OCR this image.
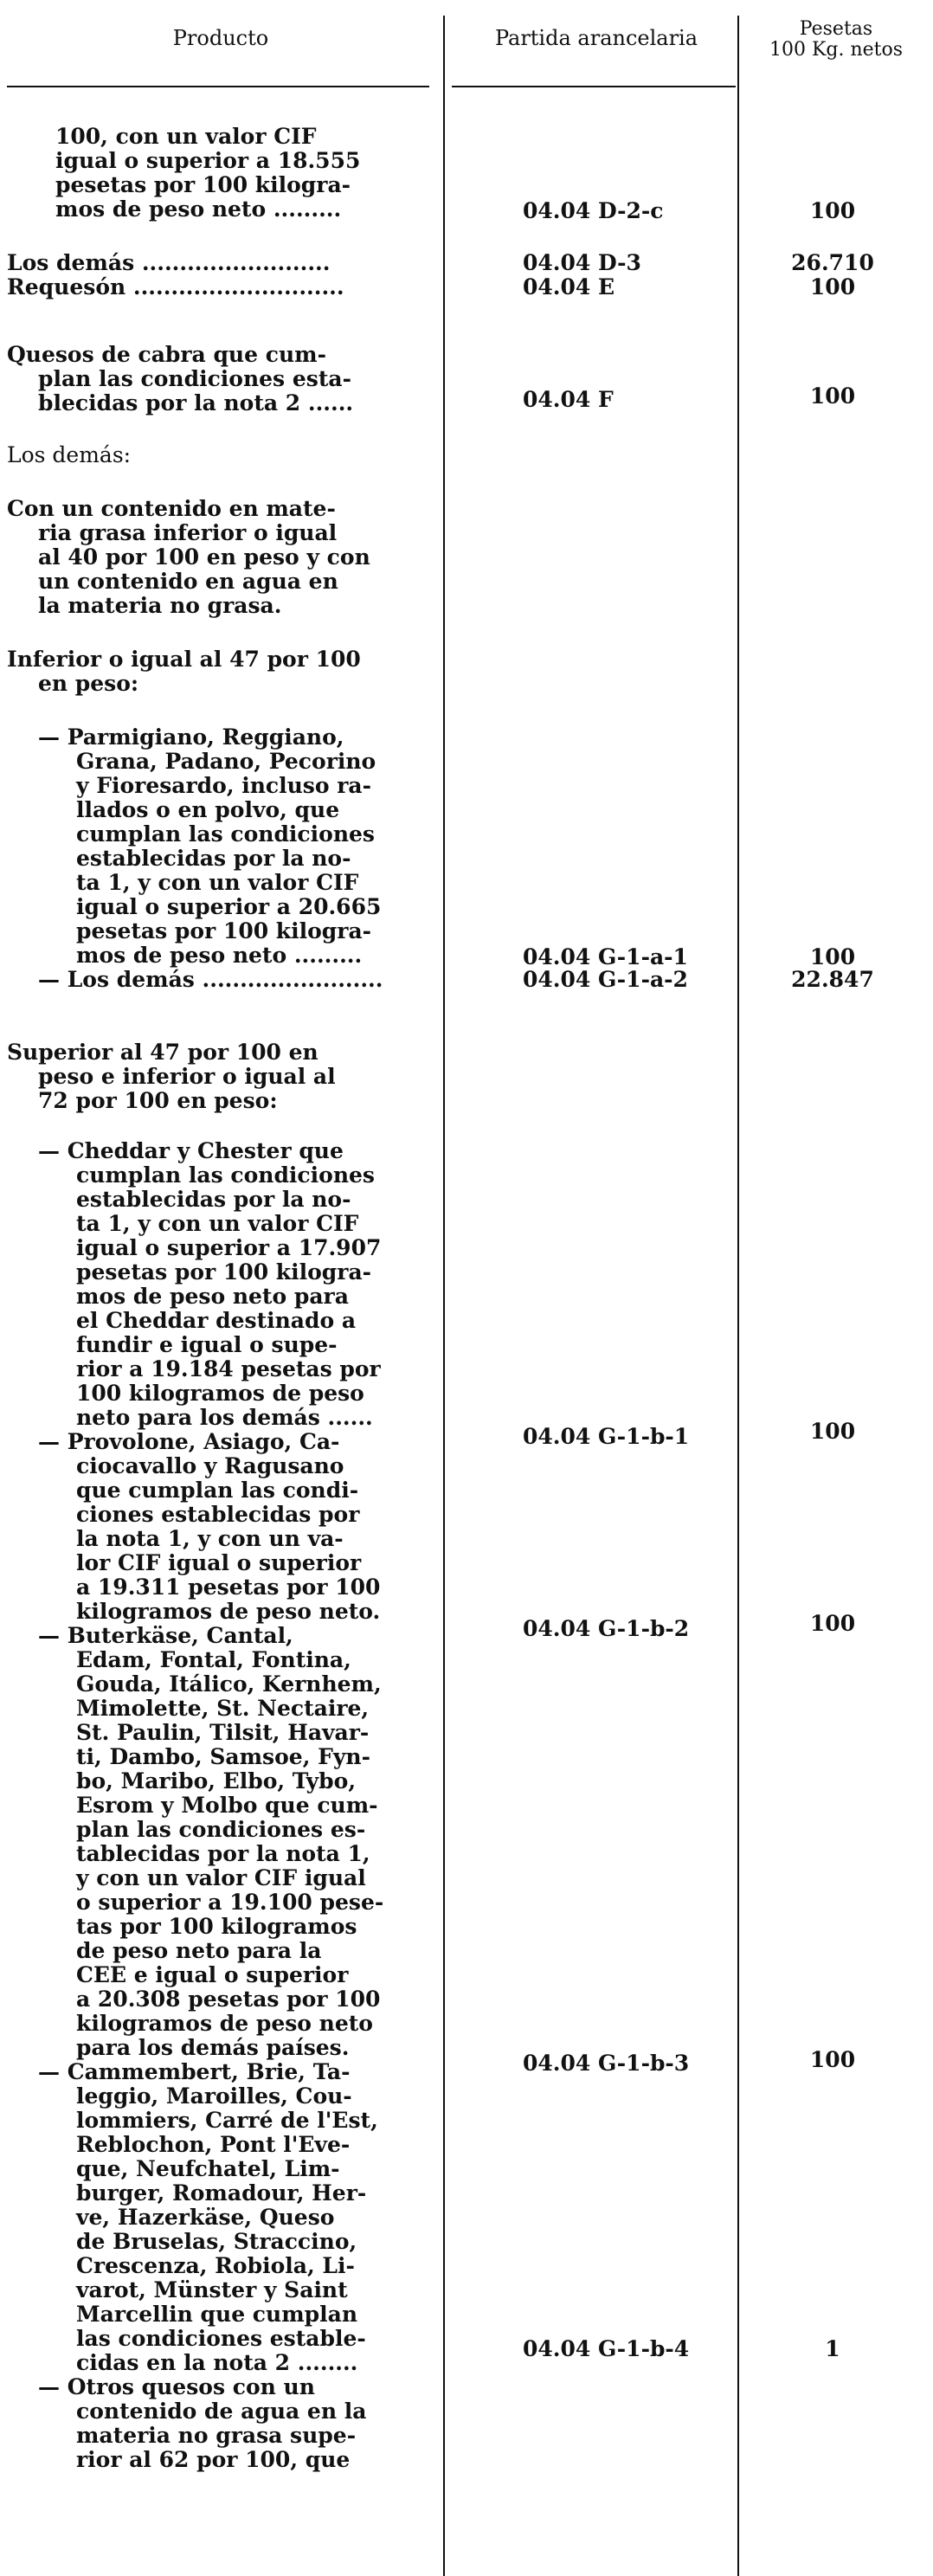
Producto	Partida arancelaria	Pesetas
100 Kg. netos
100, con un valor CIF
igual o superior a 18.555
pesetas por 100 kilogra-
mos de peso neto .........
Los demás .........................
Requesón ............................
Quesos de cabra que cum-
plan las condiciones esta-
blecidas por la nota 2 ......
Los demás:
Con un contenido en mate-
ria grasa inferior o igual
al 40 por 100 en peso y con
un contenido en agua en
la materia no grasa.
Inferior o igual al 47 por 100
en peso:
— Parmigiano, Reggiano,
Grana, Padano, Pecorino
y Fioresardo, incluso ra-
llados o en polvo, que
cumplan las condiciones
establecidas por la no-
ta 1, y con un valor CIF
igual o superior a 20.665
pesetas por 100 kilogra-
mos de peso neto .........
— Los demás ........................
Superior al 47 por 100 en
peso e inferior o igual al
72 por 100 en peso:
— Cheddar y Chester que
cumplan las condiciones
establecidas por la no-
ta 1, y con un valor CIF
igual o superior a 17.907
pesetas por 100 kilogra-
mos de peso neto para
el Cheddar destinado a
fundir e igual o supe-
rior a 19.184 pesetas por
100 kilogramos de peso
neto para los demás ......
— Provolone, Asiago, Ca-
ciocavallo y Ragusano
que cumplan las condi-
ciones establecidas por
la nota 1, y con un va-
lor CIF igual o superior
a 19.311 pesetas por 100
kilogramos de peso neto.
— Buterkäse, Cantal,
Edam, Fontal, Fontina,
Gouda, Itálico, Kernhem,
Mimolette, St. Nectaire,
St. Paulin, Tilsit, Havar-
ti, Dambo, Samsoe, Fyn-
bo, Maribo, Elbo, Tybo,
Esrom y Molbo que cum-
plan las condiciones es-
tablecidas por la nota 1,
y con un valor CIF igual
o superior a 19.100 pese-
tas por 100 kilogramos
de peso neto para la
CEE e igual o superior
a 20.308 pesetas por 100
kilogramos de peso neto
para los demás países.
— Cammembert, Brie, Ta-
leggio, Maroilles, Cou-
lommiers, Carré de l'Est,
Reblochon, Pont l'Eve-
que, Neufchatel, Lim-
burger, Romadour, Her-
ve, Hazerkäse, Queso
de Bruselas, Straccino,
Crescenza, Robiola, Li-
varot, Münster y Saint
Marcellin que cumplan
las condiciones estable-
cidas en la nota 2 ........
— Otros quesos con un
contenido de agua en la
materia no grasa supe-
rior al 62 por 100, que
04.04 D-2-c
04.04 D-3
04.04 E
04.04 F
04.04 G-1-a-1
04.04 G-1-a-2
04.04 G-1-b-1
04.04 G-1-b-2
04.04 G-1-b-3
04.04 G-1-b-4
100
26.710
100
100
100
22.847
100
100
100
1
